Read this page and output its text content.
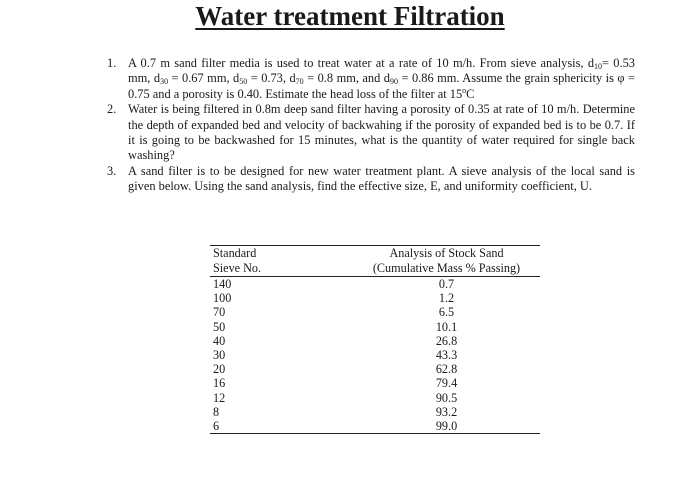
Water treatment Filtration
1. A 0.7 m sand filter media is used to treat water at a rate of 10 m/h. From sieve analysis, $d_{10}= 0.53$ mm, $d_{30} = 0.67$ mm, $d_{50} = 0.73$, $d_{70} = 0.8$ mm, and $d_{90} = 0.86$ mm. Assume the grain sphericity is φ = 0.75 and a porosity is 0.40. Estimate the head loss of the filter at 15$^o$C
2. Water is being filtered in 0.8m deep sand filter having a porosity of 0.35 at rate of 10 m/h. Determine the depth of expanded bed and velocity of backwahing if the porosity of expanded bed is to be 0.7. If it is going to be backwashed for 15 minutes, what is the quantity of water required for single back washing?
3. A sand filter is to be designed for new water treatment plant. A sieve analysis of the local sand is given below. Using the sand analysis, find the effective size, E, and uniformity coefficient, U.
Standard	Analysis of Stock Sand
Sieve No.	(Cumulative Mass % Passing)
140	0.7
100	1.2
70	6.5
50	10.1
40	26.8
30	43.3
20	62.8
16	79.4
12	90.5
8	93.2
6	99.0
